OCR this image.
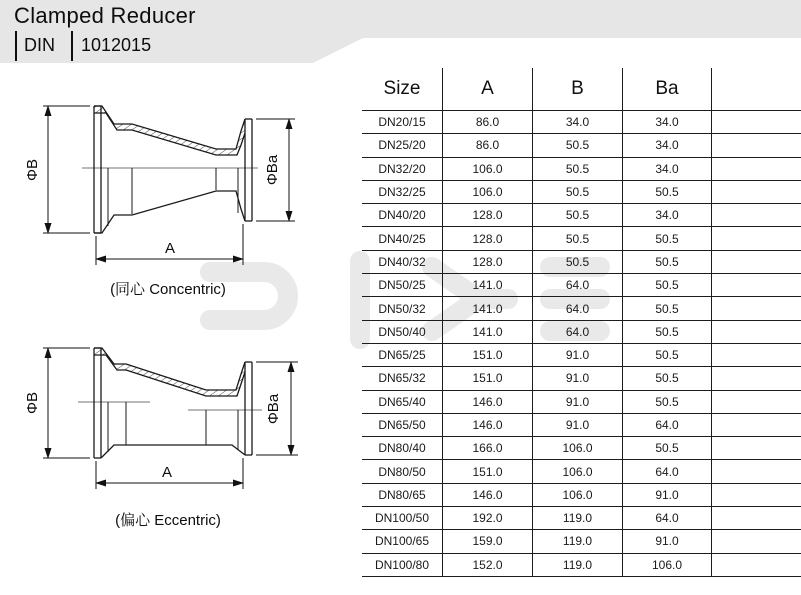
Clamped Reducer
DIN 1012015
ΦB	ΦBa
A
(同心 Concentric)
ΦB	ΦBa
A
(偏心 Eccentric)
Size	A	B	Ba	
DN20/15	86.0	34.0	34.0	
DN25/20	86.0	50.5	34.0	
DN32/20	106.0	50.5	34.0	
DN32/25	106.0	50.5	50.5	
DN40/20	128.0	50.5	34.0	
DN40/25	128.0	50.5	50.5	
DN40/32	128.0	50.5	50.5	
DN50/25	141.0	64.0	50.5	
DN50/32	141.0	64.0	50.5	
DN50/40	141.0	64.0	50.5	
DN65/25	151.0	91.0	50.5	
DN65/32	151.0	91.0	50.5	
DN65/40	146.0	91.0	50.5	
DN65/50	146.0	91.0	64.0	
DN80/40	166.0	106.0	50.5	
DN80/50	151.0	106.0	64.0	
DN80/65	146.0	106.0	91.0	
DN100/50	192.0	119.0	64.0	
DN100/65	159.0	119.0	91.0	
DN100/80	152.0	119.0	106.0	
